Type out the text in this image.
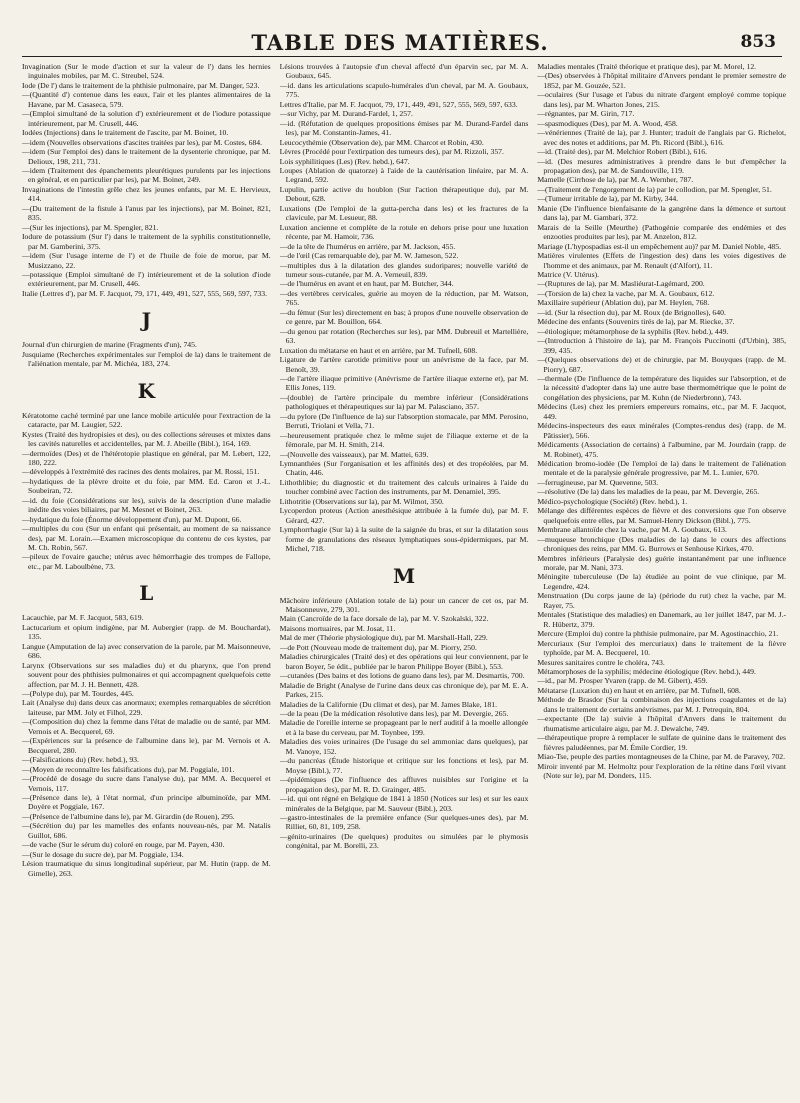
TABLE DES MATIÈRES.	853

Invagination (Sur le mode d'action et sur la valeur de l') dans les hernies inguinales mobiles, par M. C. Streubel, 524.

Iode (De l') dans le traitement de la phthisie pulmonaire, par M. Danger, 523.

—(Quantité d') contenue dans les eaux, l'air et les plantes alimentaires de la Havane, par M. Casaseca, 579.

—(Emploi simultané de la solution d') extérieurement et de l'iodure potassique intérieurement, par M. Crusell, 446.

Iodées (Injections) dans le traitement de l'ascite, par M. Boinet, 10.

—idem (Nouvelles observations d'ascites traitées par les), par M. Costes, 684.

—idem (Sur l'emploi des) dans le traitement de la dysenterie chronique, par M. Delioux, 198, 211, 731.

—idem (Traitement des épanchements pleurétiques purulents par les injections en général, et en particulier par les), par M. Boinet, 249.

Invaginations de l'intestin grêle chez les jeunes enfants, par M. E. Hervieux, 414.

—(Du traitement de la fistule à l'anus par les injections), par M. Boinet, 821, 835.

—(Sur les injections), par M. Spengler, 821.

Iodure de potassium (Sur l') dans le traitement de la syphilis constitutionnelle, par M. Gamberini, 375.

—idem (Sur l'usage interne de l') et de l'huile de foie de morue, par M. Musizzano, 22.

—potassique (Emploi simultané de l') intérieurement et de la solution d'iode extérieurement, par M. Crusell, 446.

Italie (Lettres d'), par M. F. Jacquot, 79, 171, 449, 491, 527, 555, 569, 597, 733.

J

Journal d'un chirurgien de marine (Fragments d'un), 745.

Jusquiame (Recherches expérimentales sur l'emploi de la) dans le traitement de l'aliénation mentale, par M. Michéa, 183, 274.

K

Kératotome caché terminé par une lance mobile articulée pour l'extraction de la cataracte, par M. Laugier, 522.

Kystes (Traité des hydropisies et des), ou des collections séreuses et mixtes dans les cavités naturelles et accidentelles, par M. J. Abeille (Bibl.), 164, 169.

—dermoïdes (Des) et de l'hétérotopie plastique en général, par M. Lebert, 122, 180, 222.

—développés à l'extrémité des racines des dents molaires, par M. Rossi, 151.

—hydatiques de la plèvre droite et du foie, par MM. Ed. Caron et J.-L. Soubeiran, 72.

—id. du foie (Considérations sur les), suivis de la description d'une maladie inédite des voies biliaires, par M. Mesnet et Boinet, 263.

—hydatique du foie (Énorme développement d'un), par M. Dupont, 66.

—multiples du cou (Sur un enfant qui présentait, au moment de sa naissance des), par M. Lorain.—Examen microscopique du contenu de ces kystes, par M. Ch. Robin, 567.

—pileux de l'ovaire gauche; utérus avec hémorrhagie des trompes de Fallope, etc., par M. Laboulbène, 73.

L

Lacauchie, par M. F. Jacquot, 583, 619.

Lactucarium et opium indigène, par M. Aubergier (rapp. de M. Bouchardat), 135.

Langue (Amputation de la) avec conservation de la parole, par M. Maisonneuve, 686.

Larynx (Observations sur ses maladies du) et du pharynx, que l'on prend souvent pour des phthisies pulmonaires et qui accompagnent quelquefois cette affection, par M. J. H. Bennett, 428.

—(Polype du), par M. Tourdes, 445.

Lait (Analyse du) dans deux cas anormaux; exemples remarquables de sécrétion laiteuse, par MM. Joly et Filhol, 229.

—(Composition du) chez la femme dans l'état de maladie ou de santé, par MM. Vernois et A. Becquerel, 69.

—(Expériences sur la présence de l'albumine dans le), par M. Vernois et A. Becquerel, 280.

—(Falsifications du) (Rev. hebd.), 93.

—(Moyen de reconnaître les falsifications du), par M. Poggiale, 101.

—(Procédé de dosage du sucre dans l'analyse du), par MM. A. Becquerel et Vernois, 117.

—(Présence dans le), à l'état normal, d'un principe albuminoïde, par MM. Doyère et Poggiale, 167.

—(Présence de l'albumine dans le), par M. Girardin (de Rouen), 295.

—(Sécrétion du) par les mamelles des enfants nouveau-nés, par M. Natalis Guillot, 686.

—de vache (Sur le sérum du) coloré en rouge, par M. Payen, 430.

—(Sur le dosage du sucre de), par M. Poggiale, 134.

Lésion traumatique du sinus longitudinal supérieur, par M. Hutin (rapp. de M. Gimelle), 263.

Lésions trouvées à l'autopsie d'un cheval affecté d'un éparvin sec, par M. A. Goubaux, 645.

—id. dans les articulations scapulo-humérales d'un cheval, par M. A. Goubaux, 775.

Lettres d'Italie, par M. F. Jacquot, 79, 171, 449, 491, 527, 555, 569, 597, 633.

—sur Vichy, par M. Durand-Fardel, 1, 257.

—id. (Réfutation de quelques propositions émises par M. Durand-Fardel dans les), par M. Constantin-James, 41.

Leucocythémie (Observation de), par MM. Charcot et Robin, 430.

Lèvres (Procédé pour l'extirpation des tumeurs des), par M. Rizzoli, 357.

Lois syphilitiques (Les) (Rev. hebd.), 647.

Loupes (Ablation de quatorze) à l'aide de la cautérisation linéaire, par M. A. Legrand, 592.

Lupulin, partie active du houblon (Sur l'action thérapeutique du), par M. Debout, 628.

Luxations (De l'emploi de la gutta-percha dans les) et les fractures de la clavicule, par M. Lesueur, 88.

Luxation ancienne et complète de la rotule en dehors prise pour une luxation récente, par M. Hamoir, 736.

—de la tête de l'humérus en arrière, par M. Jackson, 455.

—de l'œil (Cas remarquable de), par M. W. Jameson, 522.

—multiples dus à la dilatation des glandes sudoripares; nouvelle variété de tumeur sous-cutanée, par M. A. Verneuil, 839.

—de l'humérus en avant et en haut, par M. Butcher, 344.

—des vertèbres cervicales, guérie au moyen de la réduction, par M. Watson, 765.

—du fémur (Sur les) directement en bas; à propos d'une nouvelle observation de ce genre, par M. Bouillon, 664.

—du genou par rotation (Recherches sur les), par MM. Dubreuil et Martellière, 63.

Luxation du métatarse en haut et en arrière, par M. Tufnell, 608.

Ligature de l'artère carotide primitive pour un anévrisme de la face, par M. Benoît, 39.

—de l'artère iliaque primitive (Anévrisme de l'artère iliaque externe et), par M. Ellis Jones, 119.

—(double) de l'artère principale du membre inférieur (Considérations pathologiques et thérapeutiques sur la) par M. Palasciano, 357.

—du pylore (De l'influence de la) sur l'absorption stomacale, par MM. Perosino, Berruti, Triolani et Vella, 71.

—heureusement pratiquée chez le même sujet de l'iliaque externe et de la fémorale, par M. H. Smith, 214.

—(Nouvelle des vaisseaux), par M. Mattei, 639.

Lymnanthées (Sur l'organisation et les affinités des) et des tropéolées, par M. Chatin, 446.

Lithothlibie; du diagnostic et du traitement des calculs urinaires à l'aide du toucher combiné avec l'action des instruments, par M. Denamiel, 395.

Lithotritie (Observations sur la), par M. Wilmot, 350.

Lycoperdon proteus (Action anesthésique attribuée à la fumée du), par M. F. Gérard, 427.

Lymphorrhagie (Sur la) à la suite de la saignée du bras, et sur la dilatation sous forme de granulations des réseaux lymphatiques sous-épidermiques, par M. Michel, 718.

M

Mâchoire inférieure (Ablation totale de la) pour un cancer de cet os, par M. Maisonneuve, 279, 301.

Main (Cancroïde de la face dorsale de la), par M. V. Szokalski, 322.

Maisons mortuaires, par M. Josat, 11.

Mal de mer (Théorie physiologique du), par M. Marshall-Hall, 229.

—de Pott (Nouveau mode de traitement du), par M. Piorry, 250.

Maladies chirurgicales (Traité des) et des opérations qui leur conviennent, par le baron Boyer, 5e édit., publiée par le baron Philippe Boyer (Bibl.), 553.

—cutanées (Des bains et des lotions de guano dans les), par M. Desmartis, 700.

Maladie de Bright (Analyse de l'urine dans deux cas chronique de), par M. E. A. Parkes, 215.

Maladies de la Californie (Du climat et des), par M. James Blake, 181.

—de la peau (De la médication résolutive dans les), par M. Devergie, 265.

Maladie de l'oreille interne se propageant par le nerf auditif à la moelle allongée et à la base du cerveau, par M. Toynbee, 199.

Maladies des voies urinaires (De l'usage du sel ammoniac dans quelques), par M. Vanoye, 152.

—du pancréas (Étude historique et critique sur les fonctions et les), par M. Moyse (Bibl.), 77.

—épidémiques (De l'influence des affluves nuisibles sur l'origine et la propagation des), par M. R. D. Grainger, 485.

—id. qui ont régné en Belgique de 1841 à 1850 (Notices sur les) et sur les eaux minérales de la Belgique, par M. Sauveur (Bibl.), 203.

—gastro-intestinales de la première enfance (Sur quelques-unes des), par M. Rilliet, 60, 81, 109, 258.

—génito-urinaires (De quelques) produites ou simulées par le phymosis congénital, par M. Borelli, 23.

Maladies mentales (Traité théorique et pratique des), par M. Morel, 12.

—(Des) observées à l'hôpital militaire d'Anvers pendant le premier semestre de 1852, par M. Gouzée, 521.

—oculaires (Sur l'usage et l'abus du nitrate d'argent employé comme topique dans les), par M. Wharton Jones, 215.

—régnantes, par M. Girin, 717.

—spasmodiques (Des), par M. A. Wood, 458.

—vénériennes (Traité de la), par J. Hunter; traduit de l'anglais par G. Richelot, avec des notes et additions, par M. Ph. Ricord (Bibl.), 616.

—id. (Traité des), par M. Melchior Robert (Bibl.), 616.

—id. (Des mesures administratives à prendre dans le but d'empêcher la propagation des), par M. de Sandouville, 119.

Mamelle (Cirrhose de la), par M. A. Wernher, 787.

—(Traitement de l'engorgement de la) par le collodion, par M. Spengler, 51.

—(Tumeur irritable de la), par M. Kirby, 344.

Manie (De l'influence bienfaisante de la gangrène dans la démence et surtout dans la), par M. Gambari, 372.

Marais de la Seille (Meurthe) (Pathogénie comparée des endémies et des enzooties produites par les), par M. Anzelon, 812.

Mariage (L'hypospadias est-il un empêchement au)? par M. Daniel Noble, 485.

Matières virulentes (Effets de l'ingestion des) dans les voies digestives de l'homme et des animaux, par M. Renault (d'Alfort), 11.

Matrice (V. Utérus).

—(Ruptures de la), par M. Masliéurat-Lagémard, 200.

—(Torsion de la) chez la vache, par M. A. Goubaux, 612.

Maxillaire supérieur (Ablation du), par M. Heylen, 768.

—id. (Sur la résection du), par M. Roux (de Brignolles), 640.

Médecine des enfants (Souvenirs tirés de la), par M. Riecke, 37.

—étiologique; métamorphose de la syphilis (Rev. hebd.), 449.

—(Introduction à l'histoire de la), par M. François Puccinotti (d'Urbin), 385, 399, 435.

—(Quelques observations de) et de chirurgie, par M. Bouyques (rapp. de M. Piorry), 687.

—thermale (De l'influence de la température des liquides sur l'absorption, et de la nécessité d'adopter dans la) une autre base thermométrique que le point de congélation des physiciens, par M. Kuhn (de Niederbronn), 743.

Médecins (Les) chez les premiers empereurs romains, etc., par M. F. Jacquot, 449.

Médecins-inspecteurs des eaux minérales (Comptes-rendus des) (rapp. de M. Pâtissier), 566.

Médicaments (Association de certains) à l'albumine, par M. Jourdain (rapp. de M. Robinet), 475.

Médication bromo-iodée (De l'emploi de la) dans le traitement de l'aliénation mentale et de la paralysie générale progressive, par M. L. Lunier, 670.

—ferrugineuse, par M. Quevenne, 503.

—résolutive (De la) dans les maladies de la peau, par M. Devergie, 265.

Médico-psychologique (Société) (Rev. hebd.), 1.

Mélange des différentes espèces de fièvre et des conversions que l'on observe quelquefois entre elles, par M. Samuel-Henry Dickson (Bibl.), 775.

Membrane allantoïde chez la vache, par M. A. Goubaux, 613.

—muqueuse bronchique (Des maladies de la) dans le cours des affections chroniques des reins, par MM. G. Burrows et Senhouse Kirkes, 470.

Membres inférieurs (Paralysie des) guérie instantanément par une influence morale, par M. Nani, 373.

Méningite tuberculeuse (De la) étudiée au point de vue clinique, par M. Legendre, 424.

Menstruation (Du corps jaune de la) (période du rut) chez la vache, par M. Rayer, 75.

Mentales (Statistique des maladies) en Danemark, au 1er juillet 1847, par M. J.-R. Hübertz, 379.

Mercure (Emploi du) contre la phthisie pulmonaire, par M. Agostinacchio, 21.

Mercuriaux (Sur l'emploi des mercuriaux) dans le traitement de la fièvre typhoïde, par M. A. Becquerel, 10.

Mesures sanitaires contre le choléra, 743.

Métamorphoses de la syphilis; médecine étiologique (Rev. hebd.), 449.

—id., par M. Prosper Yvaren (rapp. de M. Gibert), 459.

Métatarse (Luxation du) en haut et en arrière, par M. Tufnell, 608.

Méthode de Brasdor (Sur la combinaison des injections coagulantes et de la) dans le traitement de certains anévrismes, par M. J. Petrequin, 804.

—expectante (De la) suivie à l'hôpital d'Anvers dans le traitement du rhumatisme articulaire aigu, par M. J. Dewalche, 749.

—thérapeutique propre à remplacer le sulfate de quinine dans le traitement des fièvres paludéennes, par M. Émile Cordier, 19.

Miao-Tse, peuple des parties montagneuses de la Chine, par M. de Paravey, 702.

Miroir inventé par M. Helmoltz pour l'exploration de la rétine dans l'œil vivant (Note sur le), par M. Donders, 115.
